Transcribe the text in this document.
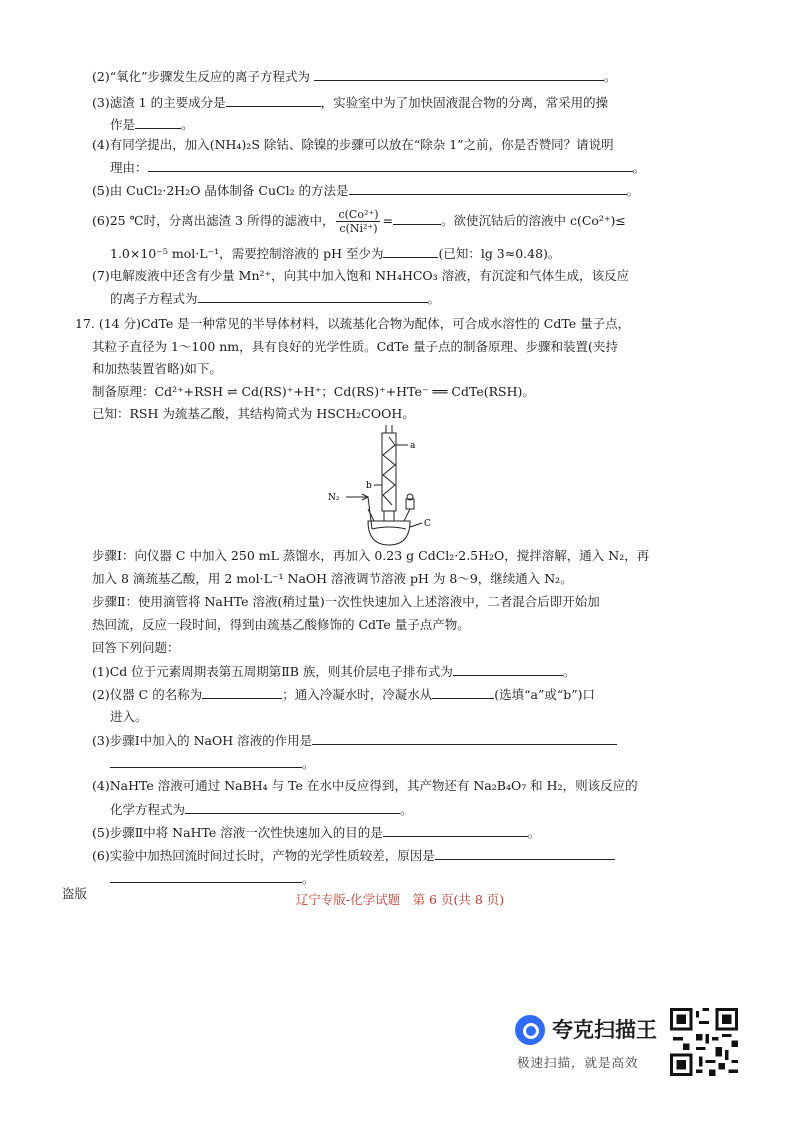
(2)“氧化”步骤发生反应的离子方程式为	。
(3)滤渣 1 的主要成分是	，实验室中为了加快固液混合物的分离，常采用的操
作是	。
(4)有同学提出，加入(NH₄)₂S 除钴、除镍的步骤可以放在“除杂 1”之前，你是否赞同？请说明
理由：	。
(5)由 CuCl₂·2H₂O 晶体制备 CuCl₂ 的方法是	。
(6)25 ℃时，分离出滤渣 3 所得的滤液中， $\frac{\text{c(Co²⁺)}}{\text{c(Ni²⁺)}}$ =	。欲使沉钴后的溶液中 c(Co²⁺)≤
1.0×10⁻⁵ mol·L⁻¹，需要控制溶液的 pH 至少为	(已知：lg 3≈0.48)。
(7)电解废液中还含有少量 Mn²⁺，向其中加入饱和 NH₄HCO₃ 溶液，有沉淀和气体生成，该反应
的离子方程式为	。
17. (14 分)CdTe 是一种常见的半导体材料，以巯基化合物为配体，可合成水溶性的 CdTe 量子点，
其粒子直径为 1～100 nm，具有良好的光学性质。CdTe 量子点的制备原理、步骤和装置(夹持
和加热装置省略)如下。
制备原理：Cd²⁺+RSH ⇌ Cd(RS)⁺+H⁺；Cd(RS)⁺+HTe⁻ ══ CdTe(RSH)。
已知：RSH 为巯基乙酸，其结构简式为 HSCH₂COOH。
a
b
N₂
C
步骤Ⅰ：向仪器 C 中加入 250 mL 蒸馏水，再加入 0.23 g CdCl₂·2.5H₂O，搅拌溶解，通入 N₂，再
加入 8 滴巯基乙酸，用 2 mol·L⁻¹ NaOH 溶液调节溶液 pH 为 8～9，继续通入 N₂。
步骤Ⅱ：使用滴管将 NaHTe 溶液(稍过量)一次性快速加入上述溶液中，二者混合后即开始加
热回流，反应一段时间，得到由巯基乙酸修饰的 CdTe 量子点产物。
回答下列问题：
(1)Cd 位于元素周期表第五周期第ⅡB 族，则其价层电子排布式为	。
(2)仪器 C 的名称为	；通入冷凝水时，冷凝水从	(选填“a”或“b”)口
进入。
(3)步骤Ⅰ中加入的 NaOH 溶液的作用是
。
(4)NaHTe 溶液可通过 NaBH₄ 与 Te 在水中反应得到，其产物还有 Na₂B₄O₇ 和 H₂，则该反应的
化学方程式为	。
(5)步骤Ⅱ中将 NaHTe 溶液一次性快速加入的目的是	。
(6)实验中加热回流时间过长时，产物的光学性质较差，原因是
。
盗版	辽宁专版-化学试题　第 6 页(共 8 页)
夸克扫描王
极速扫描，就是高效
